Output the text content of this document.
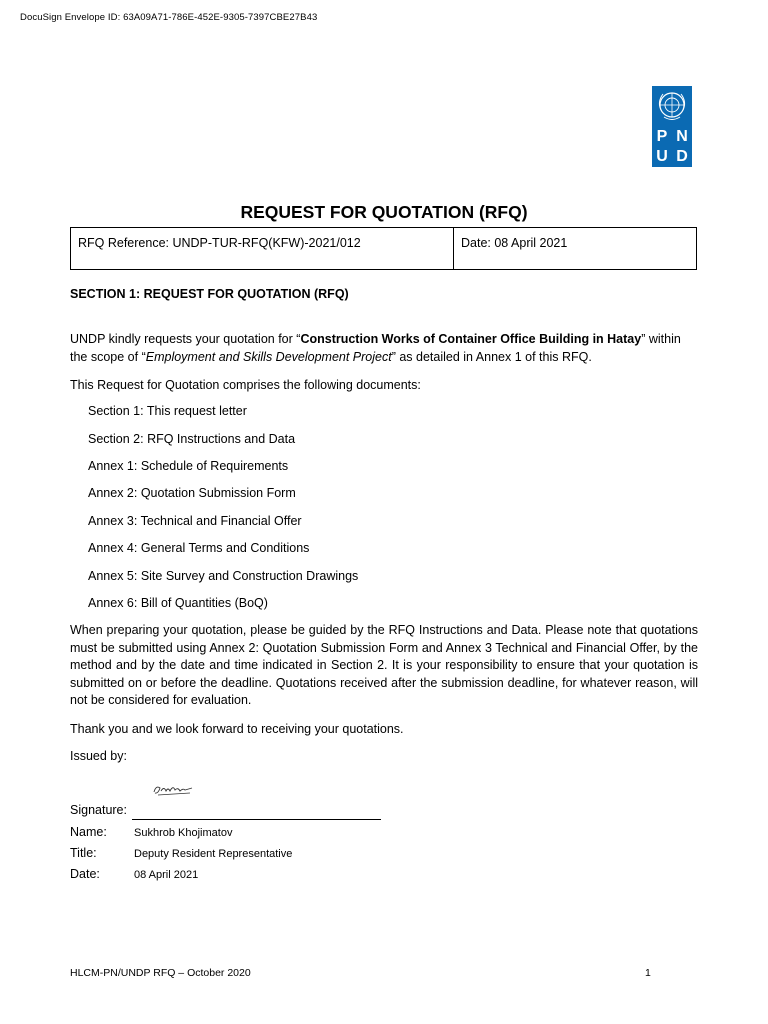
DocuSign Envelope ID: 63A09A71-786E-452E-9305-7397CBE27B43
P N
U D
REQUEST FOR QUOTATION (RFQ)
RFQ Reference: UNDP-TUR-RFQ(KFW)-2021/012	Date: 08 April 2021
SECTION 1: REQUEST FOR QUOTATION (RFQ)
UNDP kindly requests your quotation for “Construction Works of Container Office Building in Hatay” within the scope of “Employment and Skills Development Project” as detailed in Annex 1 of this RFQ.
This Request for Quotation comprises the following documents:
Section 1: This request letter
Section 2: RFQ Instructions and Data
Annex 1: Schedule of Requirements
Annex 2: Quotation Submission Form
Annex 3: Technical and Financial Offer
Annex 4: General Terms and Conditions
Annex 5: Site Survey and Construction Drawings
Annex 6: Bill of Quantities (BoQ)
When preparing your quotation, please be guided by the RFQ Instructions and Data. Please note that quotations must be submitted using Annex 2: Quotation Submission Form and Annex 3 Technical and Financial Offer, by the method and by the date and time indicated in Section 2. It is your responsibility to ensure that your quotation is submitted on or before the deadline. Quotations received after the submission deadline, for whatever reason, will not be considered for evaluation.
Thank you and we look forward to receiving your quotations.
Issued by:
Signature:
Name: Sukhrob Khojimatov
Title:	Deputy Resident Representative
Date:	08 April 2021
HLCM-PN/UNDP RFQ – October 2020	1
